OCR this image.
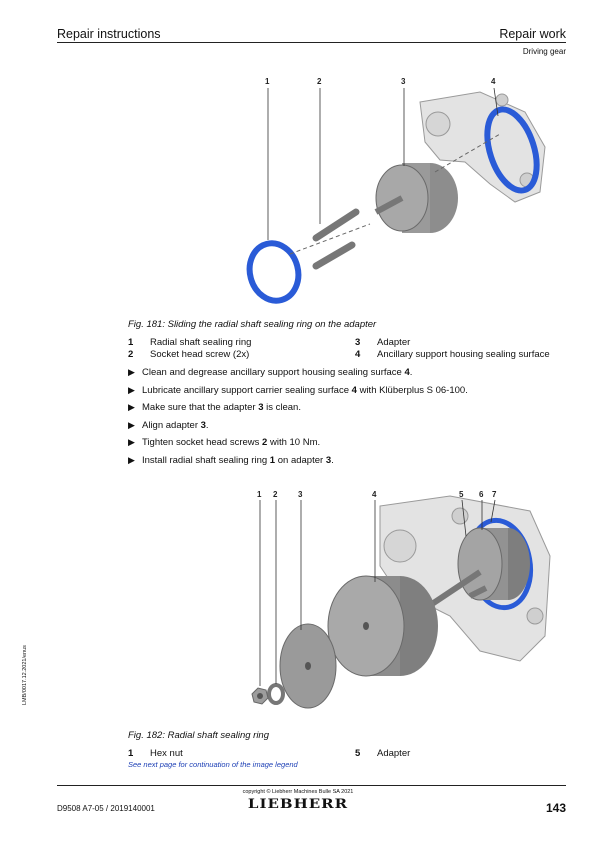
Repair instructions	Repair work
Driving gear
1	2	3	4
Fig. 181: Sliding the radial shaft sealing ring on the adapter
1	Radial shaft sealing ring	3	Adapter
2	Socket head screw (2x)	4	Ancillary support housing sealing surface
▶ Clean and degrease ancillary support housing sealing surface 4.
▶ Lubricate ancillary support carrier sealing surface 4 with Klüberplus S 06-100.
▶ Make sure that the adapter 3 is clean.
▶ Align adapter 3.
▶ Tighten socket head screws 2 with 10 Nm.
▶ Install radial shaft sealing ring 1 on adapter 3.
1 2	3	4	5 6 7
Fig. 182: Radial shaft sealing ring
1	Hex nut	5	Adapter
See next page for continuation of the image legend
copyright © Liebherr Machines Bulle SA 2021
LIEBHERR
D9508 A7-05 / 2019140001	143
LMB/0017.12.2021/enus
